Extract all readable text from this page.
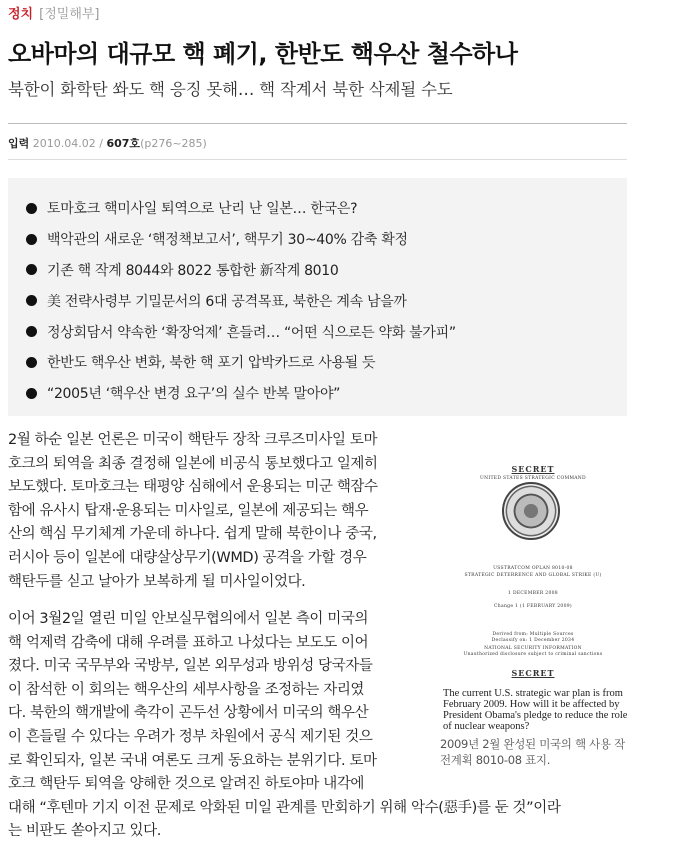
정치 [정밀해부]
오바마의 대규모 핵 폐기, 한반도 핵우산 철수하나
북한이 화학탄 쏴도 핵 응징 못해… 핵 작계서 북한 삭제될 수도
입력 2010.04.02 / 607호(p276~285)
토마호크 핵미사일 퇴역으로 난리 난 일본… 한국은?
백악관의 새로운 ‘핵정책보고서’, 핵무기 30~40% 감축 확정
기존 핵 작계 8044와 8022 통합한 新작계 8010
美 전략사령부 기밀문서의 6대 공격목표, 북한은 계속 남을까
정상회담서 약속한 ‘확장억제’ 흔들려… “어떤 식으로든 약화 불가피”
한반도 핵우산 변화, 북한 핵 포기 압박카드로 사용될 듯
“2005년 ‘핵우산 변경 요구’의 실수 반복 말아야”
2월 하순 일본 언론은 미국이 핵탄두 장착 크루즈미사일 토마
호크의 퇴역을 최종 결정해 일본에 비공식 통보했다고 일제히
보도했다. 토마호크는 태평양 심해에서 운용되는 미군 핵잠수
함에 유사시 탑재·운용되는 미사일로, 일본에 제공되는 핵우
산의 핵심 무기체계 가운데 하나다. 쉽게 말해 북한이나 중국,
러시아 등이 일본에 대량살상무기(WMD) 공격을 가할 경우
핵탄두를 싣고 날아가 보복하게 될 미사일이었다.
이어 3월2일 열린 미일 안보실무협의에서 일본 측이 미국의
핵 억제력 감축에 대해 우려를 표하고 나섰다는 보도도 이어
졌다. 미국 국무부와 국방부, 일본 외무성과 방위성 당국자들
이 참석한 이 회의는 핵우산의 세부사항을 조정하는 자리였
다. 북한의 핵개발에 축각이 곤두선 상황에서 미국의 핵우산
이 흔들릴 수 있다는 우려가 정부 차원에서 공식 제기된 것으
로 확인되자, 일본 국내 여론도 크게 동요하는 분위기다. 토마
호크 핵탄두 퇴역을 양해한 것으로 알려진 하토야마 내각에
대해 “후텐마 기지 이전 문제로 악화된 미일 관계를 만회하기 위해 악수(惡手)를 둔 것”이라
는 비판도 쏟아지고 있다.
SECRET
UNITED STATES STRATEGIC COMMAND
USSTRATCOM OPLAN 8010-08
STRATEGIC DETERRENCE AND GLOBAL STRIKE (U)
1 DECEMBER 2008
Change 1 (1 FEBRUARY 2009)
Derived from: Multiple Sources
Declassify on: 1 December 2034
NATIONAL SECURITY INFORMATION
Unauthorized disclosure subject to criminal sanctions
SECRET
The current U.S. strategic war plan is from February 2009. How will it be affected by President Obama's pledge to reduce the role of nuclear weapons?
2009년 2월 완성된 미국의 핵 사용 작전계획 8010-08 표지.
